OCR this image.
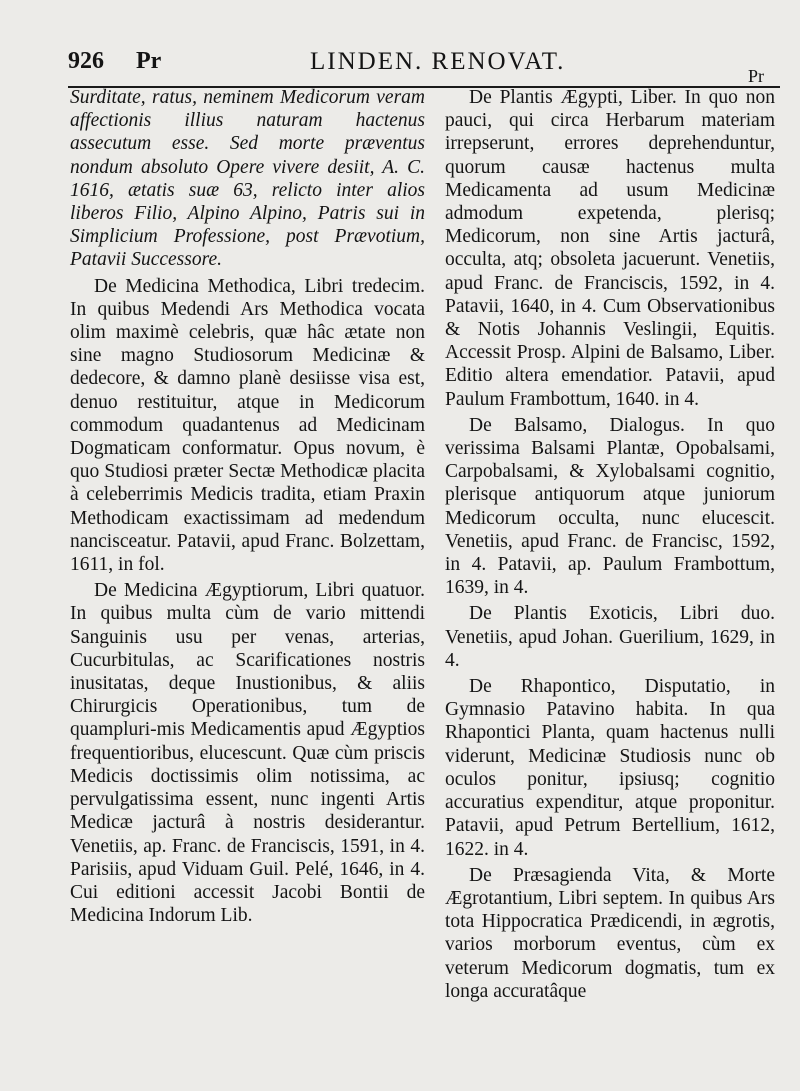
926 Pr	LINDEN. RENOVAT.
Pr

Surditate, ratus, neminem Medicorum veram affectionis illius naturam hactenus assecutum esse. Sed morte præventus nondum absoluto Opere vivere desiit, A. C. 1616, ætatis suæ 63, relicto inter alios liberos Filio, Alpino Alpino, Patris sui in Simplicium Professione, post Prævotium, Patavii Successore.

De Medicina Methodica, Libri tredecim. In quibus Medendi Ars Methodica vocata olim maximè celebris, quæ hâc ætate non sine magno Studiosorum Medicinæ & dedecore, & damno planè desiisse visa est, denuo restituitur, atque in Medicorum commodum quadantenus ad Medicinam Dogmaticam conformatur. Opus novum, è quo Studiosi præter Sectæ Methodicæ placita à celeberrimis Medicis tradita, etiam Praxin Methodicam exactissimam ad medendum nancisceatur. Patavii, apud Franc. Bolzettam, 1611, in fol.

De Medicina Ægyptiorum, Libri quatuor. In quibus multa cùm de vario mittendi Sanguinis usu per venas, arterias, Cucurbitulas, ac Scarificationes nostris inusitatas, deque Inustionibus, & aliis Chirurgicis Operationibus, tum de quampluri-mis Medicamentis apud Ægyptios frequentioribus, elucescunt. Quæ cùm priscis Medicis doctissimis olim notissima, ac pervulgatissima essent, nunc ingenti Artis Medicæ jacturâ à nostris desiderantur. Venetiis, ap. Franc. de Franciscis, 1591, in 4. Parisiis, apud Viduam Guil. Pelé, 1646, in 4. Cui editioni accessit Jacobi Bontii de Medicina Indorum Lib.

De Plantis Ægypti, Liber. In quo non pauci, qui circa Herbarum materiam irrepserunt, errores deprehenduntur, quorum causæ hactenus multa Medicamenta ad usum Medicinæ admodum expetenda, plerisq; Medicorum, non sine Artis jacturâ, occulta, atq; obsoleta jacuerunt. Venetiis, apud Franc. de Franciscis, 1592, in 4. Patavii, 1640, in 4. Cum Observationibus & Notis Johannis Veslingii, Equitis. Accessit Prosp. Alpini de Balsamo, Liber. Editio altera emendatior. Patavii, apud Paulum Frambottum, 1640. in 4.

De Balsamo, Dialogus. In quo verissima Balsami Plantæ, Opobalsami, Carpobalsami, & Xylobalsami cognitio, plerisque antiquorum atque juniorum Medicorum occulta, nunc elucescit. Venetiis, apud Franc. de Francisc, 1592, in 4. Patavii, ap. Paulum Frambottum, 1639, in 4.

De Plantis Exoticis, Libri duo. Venetiis, apud Johan. Guerilium, 1629, in 4.

De Rhapontico, Disputatio, in Gymnasio Patavino habita. In qua Rhapontici Planta, quam hactenus nulli viderunt, Medicinæ Studiosis nunc ob oculos ponitur, ipsiusq; cognitio accuratius expenditur, atque proponitur. Patavii, apud Petrum Bertellium, 1612, 1622. in 4.

De Præsagienda Vita, & Morte Ægrotantium, Libri septem. In quibus Ars tota Hippocratica Prædicendi, in ægrotis, varios morborum eventus, cùm ex veterum Medicorum dogmatis, tum ex longa accuratâque
